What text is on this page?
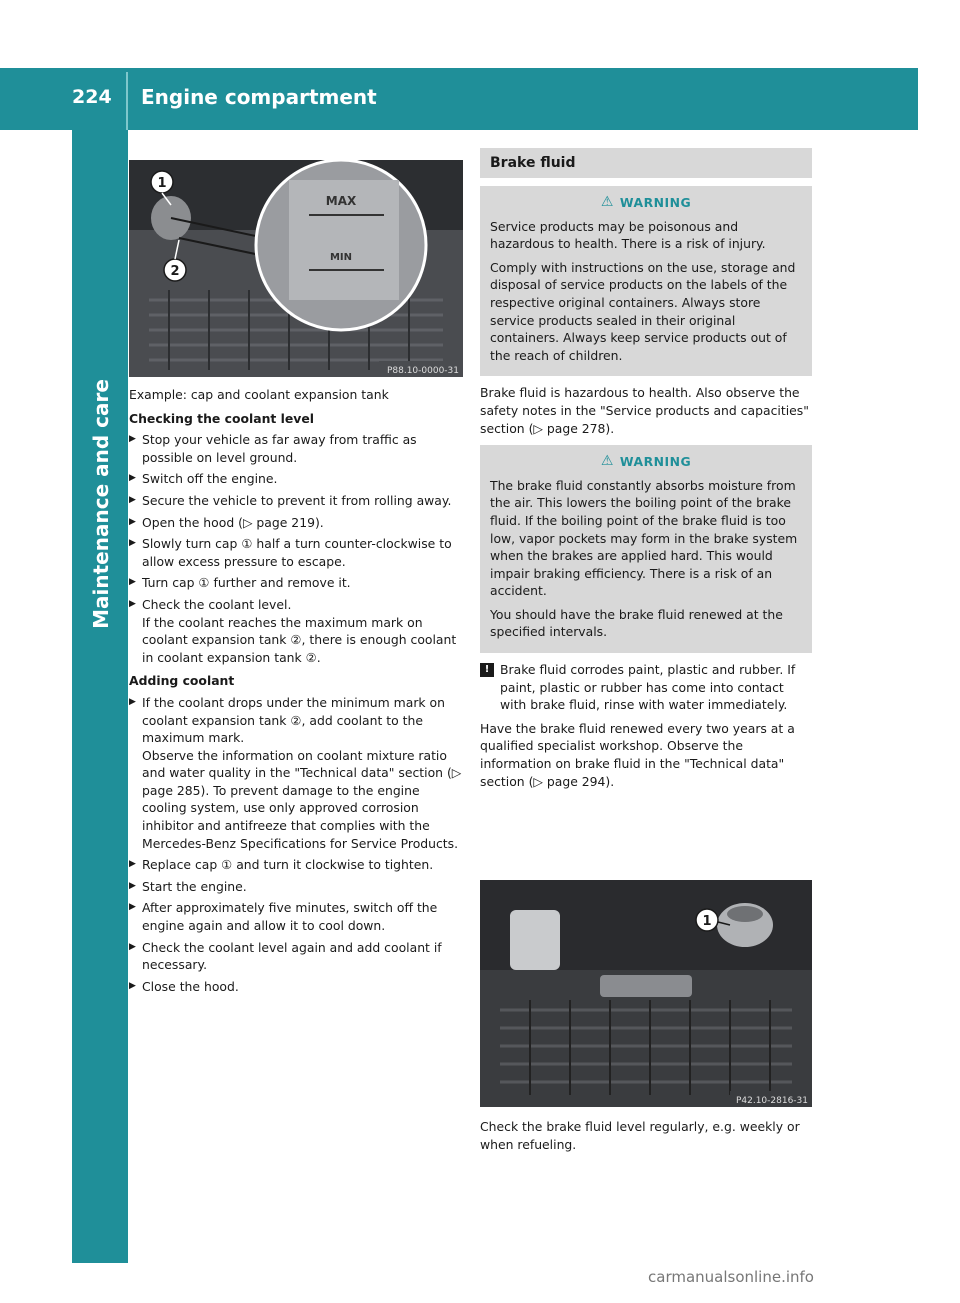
224 Engine compartment
Maintenance and care
MAX
MIN
1
2
P88.10-0000-31
Example: cap and coolant expansion tank
Checking the coolant level
▶ Stop your vehicle as far away from traffic as possible on level ground.
▶ Switch off the engine.
▶ Secure the vehicle to prevent it from rolling away.
▶ Open the hood (▷ page 219).
▶ Slowly turn cap ① half a turn counter-clockwise to allow excess pressure to escape.
▶ Turn cap ① further and remove it.
▶ Check the coolant level.
If the coolant reaches the maximum mark on coolant expansion tank ②, there is enough coolant in coolant expansion tank ②.
Adding coolant
▶ If the coolant drops under the minimum mark on coolant expansion tank ②, add coolant to the maximum mark.
Observe the information on coolant mixture ratio and water quality in the "Technical data" section (▷ page 285). To prevent damage to the engine cooling system, use only approved corrosion inhibitor and antifreeze that complies with the Mercedes-Benz Specifications for Service Products.
▶ Replace cap ① and turn it clockwise to tighten.
▶ Start the engine.
▶ After approximately five minutes, switch off the engine again and allow it to cool down.
▶ Check the coolant level again and add coolant if necessary.
▶ Close the hood.
Brake fluid
⚠ WARNING

Service products may be poisonous and hazardous to health. There is a risk of injury.

Comply with instructions on the use, storage and disposal of service products on the labels of the respective original containers. Always store service products sealed in their original containers. Always keep service products out of the reach of children.

Brake fluid is hazardous to health. Also observe the safety notes in the "Service products and capacities" section (▷ page 278).

⚠ WARNING

The brake fluid constantly absorbs moisture from the air. This lowers the boiling point of the brake fluid. If the boiling point of the brake fluid is too low, vapor pockets may form in the brake system when the brakes are applied hard. This would impair braking efficiency. There is a risk of an accident.

You should have the brake fluid renewed at the specified intervals.

! Brake fluid corrodes paint, plastic and rubber. If paint, plastic or rubber has come into contact with brake fluid, rinse with water immediately.

Have the brake fluid renewed every two years at a qualified specialist workshop. Observe the information on brake fluid in the "Technical data" section (▷ page 294).

1
P42.10-2816-31

Check the brake fluid level regularly, e.g. weekly or when refueling.

carmanualsonline.info
